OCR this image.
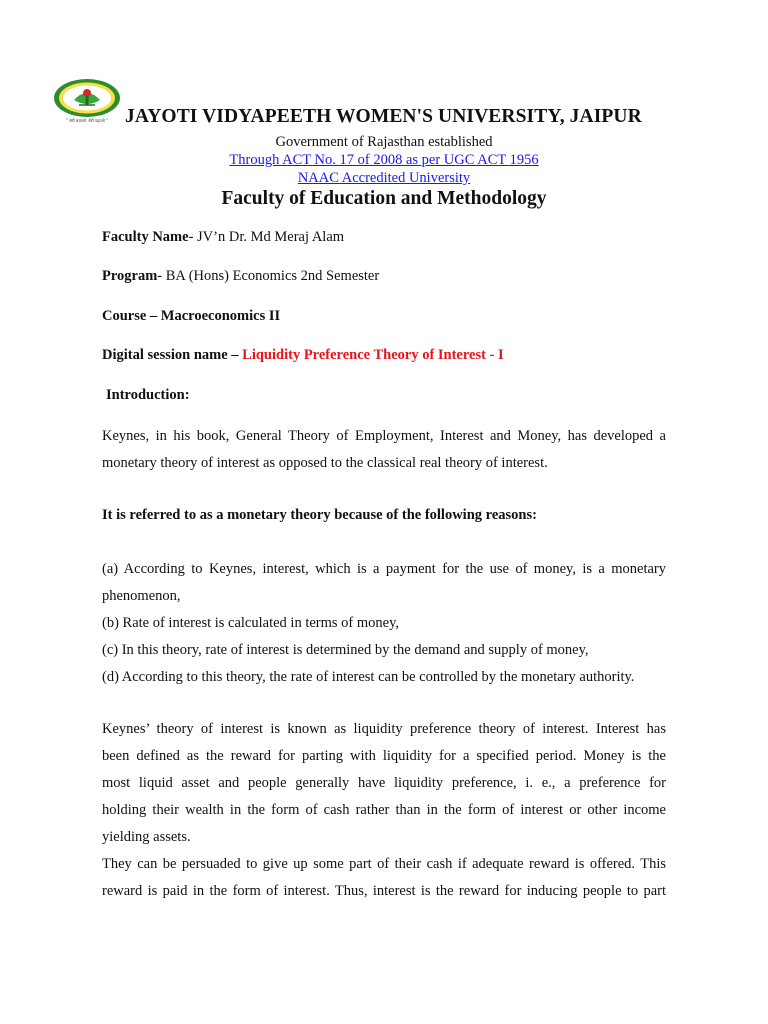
" बेटी बचाओ, बेटी पढ़ाओ " JAYOTI VIDYAPEETH WOMEN'S UNIVERSITY, JAIPUR
Government of Rajasthan established
Through ACT No. 17 of 2008 as per UGC ACT 1956
NAAC Accredited University
Faculty of Education and Methodology
Faculty Name- JV’n Dr. Md Meraj Alam
Program- BA (Hons) Economics 2nd Semester
Course – Macroeconomics II
Digital session name – Liquidity Preference Theory of Interest - I
Introduction:
Keynes, in his book, General Theory of Employment, Interest and Money, has developed a
monetary theory of interest as opposed to the classical real theory of interest.
It is referred to as a monetary theory because of the following reasons:
(a) According to Keynes, interest, which is a payment for the use of money, is a monetary
phenomenon,
(b) Rate of interest is calculated in terms of money,
(c) In this theory, rate of interest is determined by the demand and supply of money,
(d) According to this theory, the rate of interest can be controlled by the monetary authority.
Keynes’ theory of interest is known as liquidity preference theory of interest. Interest has
been defined as the reward for parting with liquidity for a specified period. Money is the
most liquid asset and people generally have liquidity preference, i. e., a preference for
holding their wealth in the form of cash rather than in the form of interest or other income
yielding assets.
They can be persuaded to give up some part of their cash if adequate reward is offered. This
reward is paid in the form of interest. Thus, interest is the reward for inducing people to part
